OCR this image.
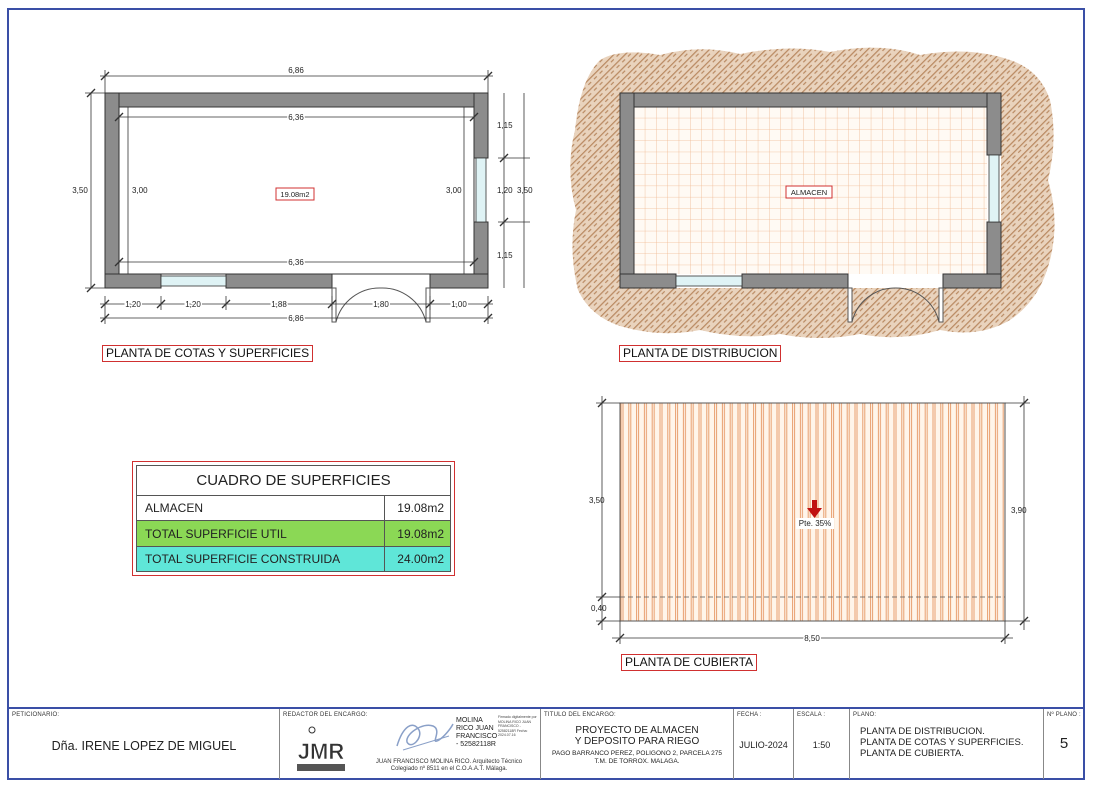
6,86
6,36
6,36
3,50	3,00	3,00
1,15
1,20
1,15
3,50
1,20	1,20	1,88	1,80	1,00
6,86
19.08m2	ALMACEN
3,50
0,40
3,90
8,50
Pte. 35%
PLANTA DE COTAS Y SUPERFICIES	PLANTA DE DISTRIBUCION
PLANTA DE CUBIERTA
CUADRO DE SUPERFICIES
ALMACEN	19.08m2
TOTAL SUPERFICIE UTIL	19.08m2
TOTAL SUPERFICIE CONSTRUIDA	24.00m2
PETICIONARIO:
Dña. IRENE LOPEZ DE MIGUEL
REDACTOR DEL ENCARGO:
JMR
MOLINA
RICO JUAN
FRANCISCO
- 52582118R
Firmado digitalmente por MOLINA RICO JUAN FRANCISCO - 52582118R Fecha: 2024.07.16
JUAN FRANCISCO MOLINA RICO. Arquitecto Técnico
Colegiado nº 8511 en el C.O.A.A.T. Málaga.
TITULO DEL ENCARGO:
PROYECTO DE ALMACEN
Y DEPOSITO PARA RIEGO
PAGO BARRANCO PEREZ, POLIGONO 2, PARCELA 275
T.M. DE TORROX. MALAGA.
FECHA :
JULIO-2024
ESCALA :
1:50
PLANO:
PLANTA DE DISTRIBUCION.
PLANTA DE COTAS Y SUPERFICIES.
PLANTA DE CUBIERTA.
Nº PLANO :
5
